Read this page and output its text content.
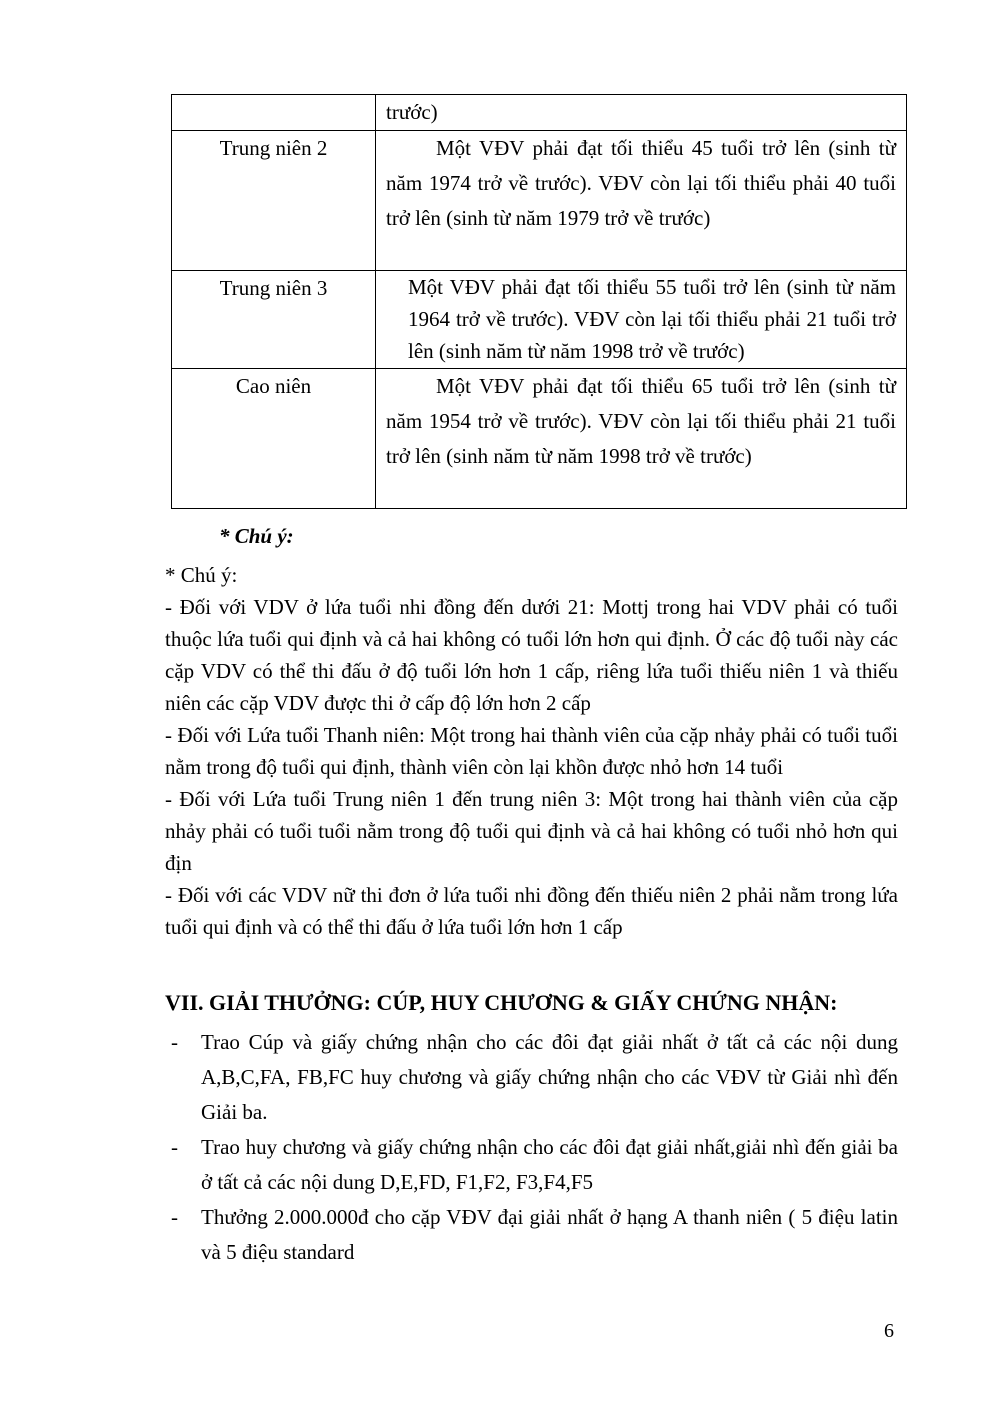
	trước)
Trung niên 2	Một VĐV phải đạt tối thiểu 45 tuổi trở lên (sinh từ năm 1974 trở về trước). VĐV còn lại tối thiểu phải 40 tuổi trở lên (sinh từ năm 1979 trở về trước)

Trung niên 3	Một VĐV phải đạt tối thiểu 55 tuổi trở lên (sinh từ năm 1964 trở về trước). VĐV còn lại tối thiểu phải 21 tuổi trở lên (sinh năm từ năm 1998 trở về trước)
Cao niên	Một VĐV phải đạt tối thiểu 65 tuổi trở lên (sinh từ năm 1954 trở về trước). VĐV còn lại tối thiểu phải 21 tuổi trở lên (sinh năm từ năm 1998 trở về trước)
* Chú ý:

* Chú ý:

- Đối với VDV ở lứa tuổi nhi đồng đến dưới 21: Mottj trong hai VDV phải có tuổi thuộc lứa tuổi qui định và cả hai không có tuổi lớn hơn qui định. Ở các độ tuổi này các cặp VDV có thể thi đấu ở độ tuổi lớn hơn 1 cấp, riêng lứa tuổi thiếu niên 1 và thiếu niên các cặp VDV được thi ở cấp độ lớn hơn 2 cấp

- Đối với Lứa tuổi Thanh niên: Một trong hai thành viên của cặp nhảy phải có tuổi tuổi nằm trong độ tuổi qui định, thành viên còn lại khồn được nhỏ hơn 14 tuổi

- Đối với Lứa tuổi Trung niên 1 đến trung niên 3: Một trong hai thành viên của cặp nhảy phải có tuổi tuổi nằm trong độ tuổi qui định và cả hai không có tuổi nhỏ hơn qui địn

- Đối với các VDV nữ thi đơn ở lứa tuổi nhi đồng đến thiếu niên 2 phải nằm trong lứa tuổi qui định và có thể thi đấu ở lứa tuổi lớn hơn 1 cấp

VII. GIẢI THƯỞNG: CÚP, HUY CHƯƠNG & GIẤY CHỨNG NHẬN:
- Trao Cúp và giấy chứng nhận cho các đôi đạt giải nhất ở tất cả các nội dung A,B,C,FA, FB,FC huy chương và giấy chứng nhận cho các VĐV từ Giải nhì đến Giải ba.
- Trao huy chương và giấy chứng nhận cho các đôi đạt giải nhất,giải nhì đến giải ba ở tất cả các nội dung D,E,FD, F1,F2, F3,F4,F5
- Thưởng 2.000.000đ cho cặp VĐV đại giải nhất ở hạng A thanh niên ( 5 điệu latin và 5 điệu standard
6
